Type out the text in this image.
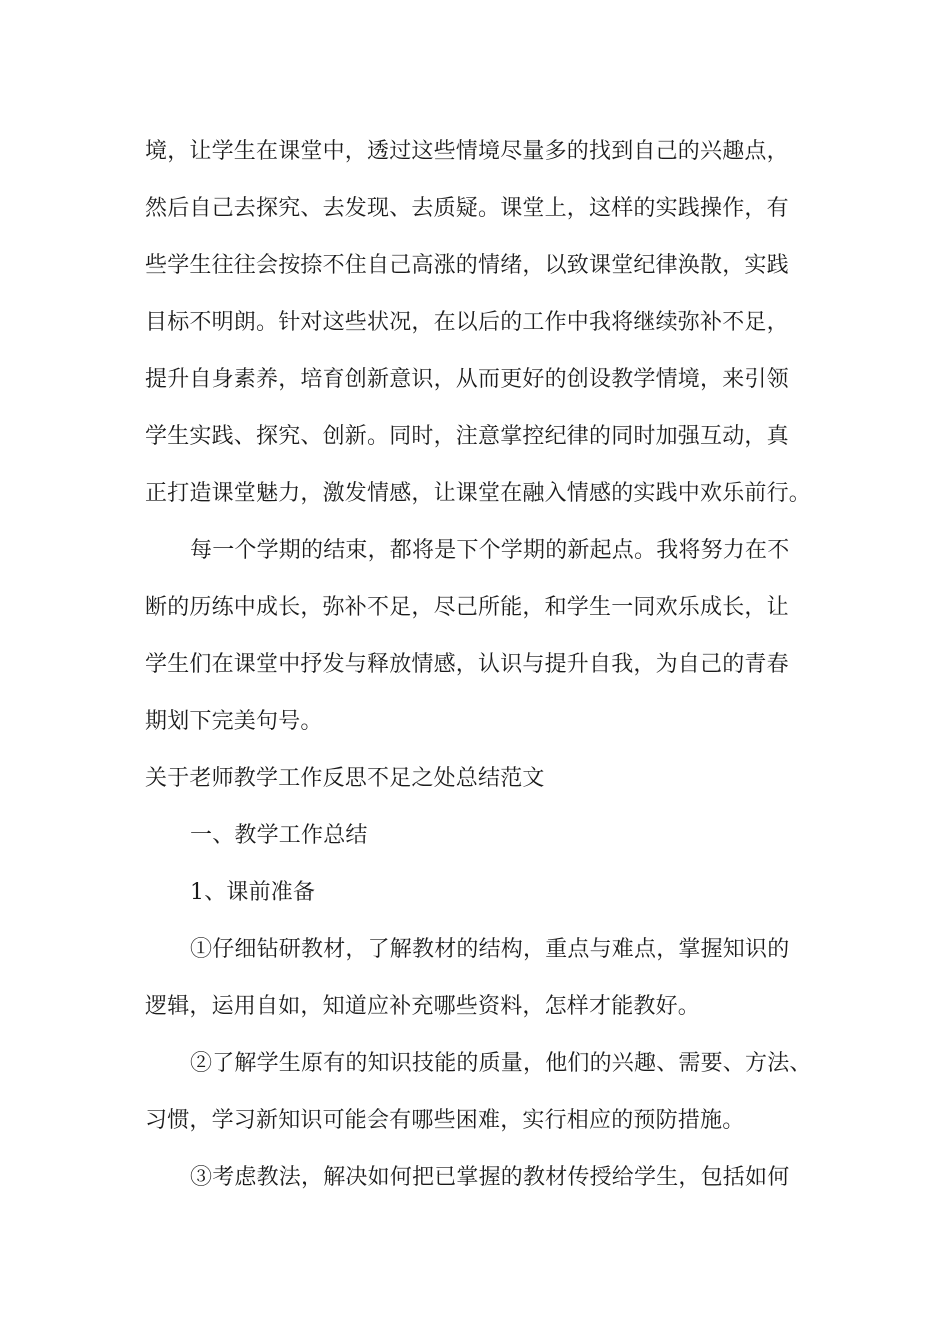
境，让学生在课堂中，透过这些情境尽量多的找到自己的兴趣点，
然后自己去探究、去发现、去质疑。课堂上，这样的实践操作，有
些学生往往会按捺不住自己高涨的情绪，以致课堂纪律涣散，实践
目标不明朗。针对这些状况，在以后的工作中我将继续弥补不足，
提升自身素养，培育创新意识，从而更好的创设教学情境，来引领
学生实践、探究、创新。同时，注意掌控纪律的同时加强互动，真
正打造课堂魅力，激发情感，让课堂在融入情感的实践中欢乐前行。
每一个学期的结束，都将是下个学期的新起点。我将努力在不
断的历练中成长，弥补不足，尽己所能，和学生一同欢乐成长，让
学生们在课堂中抒发与释放情感，认识与提升自我，为自己的青春
期划下完美句号。
关于老师教学工作反思不足之处总结范文
一、教学工作总结
1、课前准备
①仔细钻研教材，了解教材的结构，重点与难点，掌握知识的
逻辑，运用自如，知道应补充哪些资料，怎样才能教好。
②了解学生原有的知识技能的质量，他们的兴趣、需要、方法、
习惯，学习新知识可能会有哪些困难，实行相应的预防措施。
③考虑教法，解决如何把已掌握的教材传授给学生，包括如何
